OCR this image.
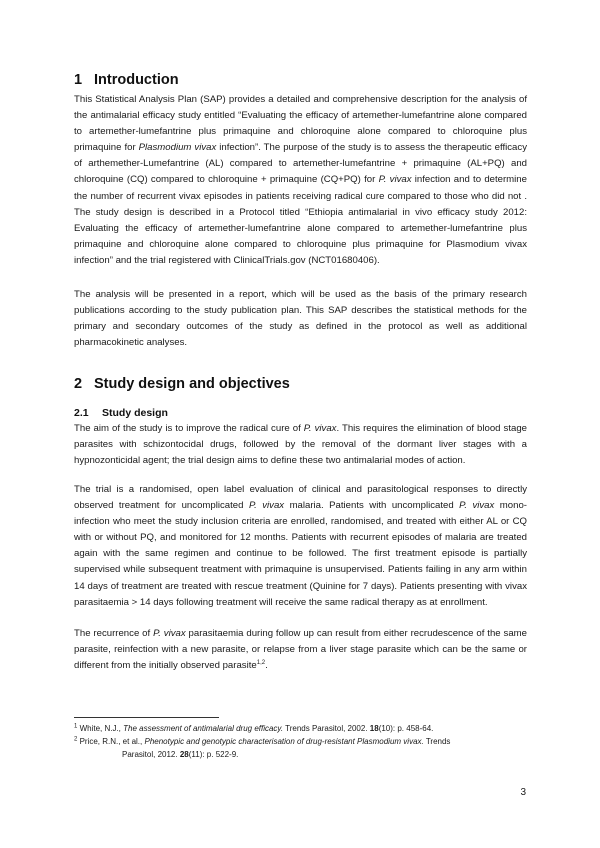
1 Introduction
This Statistical Analysis Plan (SAP) provides a detailed and comprehensive description for the analysis of the antimalarial efficacy study entitled “Evaluating the efficacy of artemether-lumefantrine alone compared to artemether-lumefantrine plus primaquine and chloroquine alone compared to chloroquine plus primaquine for Plasmodium vivax infection”. The purpose of the study is to assess the therapeutic efficacy of arthemether-Lumefantrine (AL) compared to artemether-lumefantrine + primaquine (AL+PQ) and chloroquine (CQ) compared to chloroquine + primaquine (CQ+PQ) for P. vivax infection and to determine the number of recurrent vivax episodes in patients receiving radical cure compared to those who did not . The study design is described in a Protocol titled “Ethiopia antimalarial in vivo efficacy study 2012: Evaluating the efficacy of artemether-lumefantrine alone compared to artemether-lumefantrine plus primaquine and chloroquine alone compared to chloroquine plus primaquine for Plasmodium vivax infection” and the trial registered with ClinicalTrials.gov (NCT01680406).
The analysis will be presented in a report, which will be used as the basis of the primary research publications according to the study publication plan. This SAP describes the statistical methods for the primary and secondary outcomes of the study as defined in the protocol as well as additional pharmacokinetic analyses.
2 Study design and objectives
2.1 Study design
The aim of the study is to improve the radical cure of P. vivax. This requires the elimination of blood stage parasites with schizontocidal drugs, followed by the removal of the dormant liver stages with a hypnozonticidal agent; the trial design aims to define these two antimalarial modes of action.
The trial is a randomised, open label evaluation of clinical and parasitological responses to directly observed treatment for uncomplicated P. vivax malaria. Patients with uncomplicated P. vivax mono-infection who meet the study inclusion criteria are enrolled, randomised, and treated with either AL or CQ with or without PQ, and monitored for 12 months. Patients with recurrent episodes of malaria are treated again with the same regimen and continue to be followed. The first treatment episode is partially supervised while subsequent treatment with primaquine is unsupervised. Patients failing in any arm within 14 days of treatment are treated with rescue treatment (Quinine for 7 days). Patients presenting with vivax parasitaemia > 14 days following treatment will receive the same radical therapy as at enrollment.
The recurrence of P. vivax parasitaemia during follow up can result from either recrudescence of the same parasite, reinfection with a new parasite, or relapse from a liver stage parasite which can be the same or different from the initially observed parasite$^{1,2}$.
$^1$ White, N.J., The assessment of antimalarial drug efficacy. Trends Parasitol, 2002. 18(10): p. 458-64.
$^2$ Price, R.N., et al., Phenotypic and genotypic characterisation of drug-resistant Plasmodium vivax. Trends
Parasitol, 2012. 28(11): p. 522-9.
3
